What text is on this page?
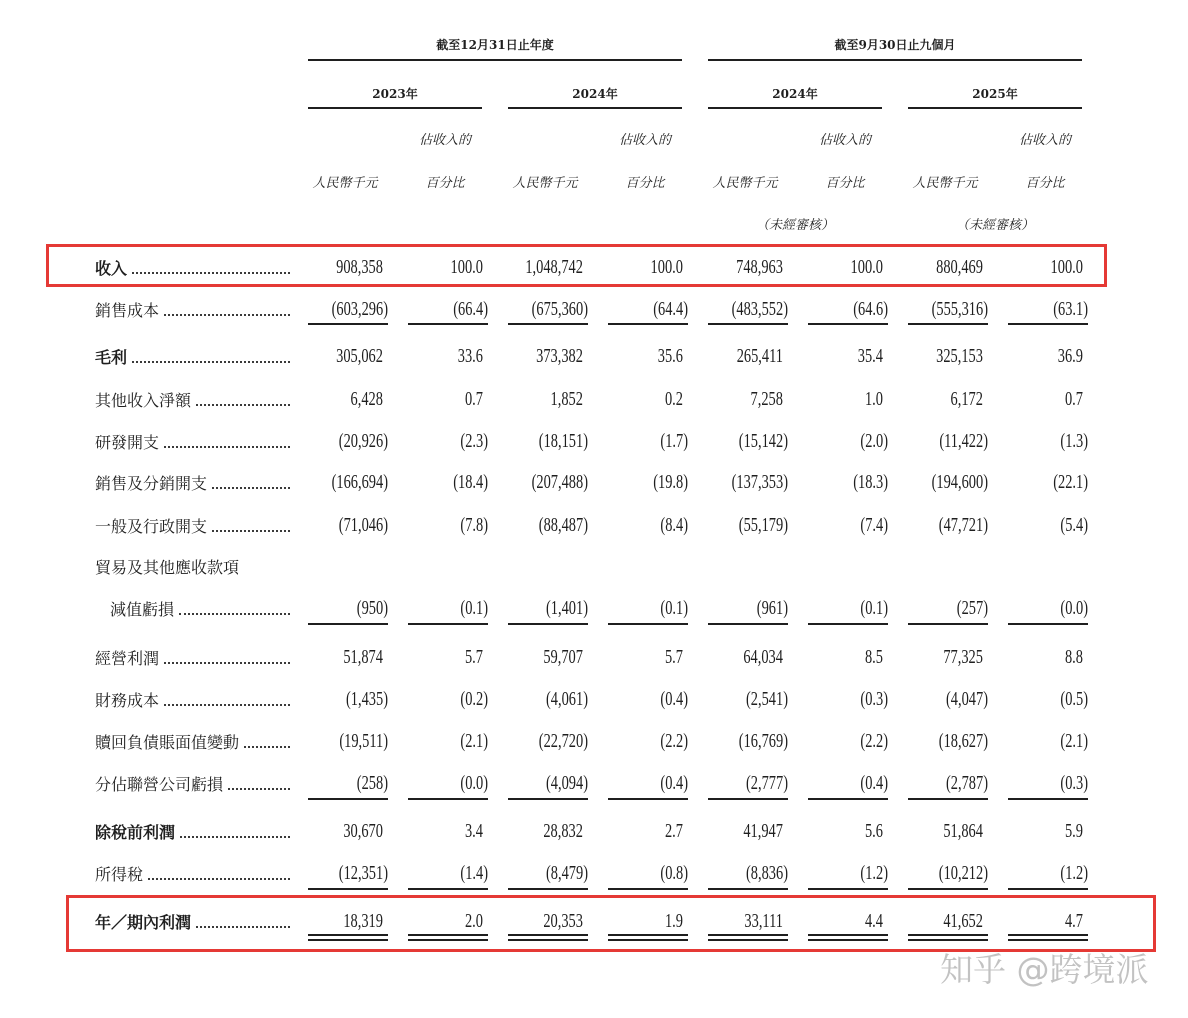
截至12月31日止年度	截至9月30日止九個月
2023年	2024年	2024年	2025年
佔收入的	佔收入的	佔收入的	佔收入的
人民幣千元	百分比	人民幣千元	百分比	人民幣千元	百分比	人民幣千元	百分比
（未經審核）	（未經審核）
收入	908,358	100.0	1,048,742	100.0	748,963	100.0	880,469	100.0
銷售成本	(603,296)	(66.4)	(675,360)	(64.4)	(483,552)	(64.6)	(555,316)	(63.1)
毛利	305,062	33.6	373,382	35.6	265,411	35.4	325,153	36.9
其他收入淨額	6,428	0.7	1,852	0.2	7,258	1.0	6,172	0.7
研發開支	(20,926)	(2.3)	(18,151)	(1.7)	(15,142)	(2.0)	(11,422)	(1.3)
銷售及分銷開支	(166,694)	(18.4)	(207,488)	(19.8)	(137,353)	(18.3)	(194,600)	(22.1)
一般及行政開支	(71,046)	(7.8)	(88,487)	(8.4)	(55,179)	(7.4)	(47,721)	(5.4)
貿易及其他應收款項
減值虧損	(950)	(0.1)	(1,401)	(0.1)	(961)	(0.1)	(257)	(0.0)
經營利潤	51,874	5.7	59,707	5.7	64,034	8.5	77,325	8.8
財務成本	(1,435)	(0.2)	(4,061)	(0.4)	(2,541)	(0.3)	(4,047)	(0.5)
贖回負債賬面值變動	(19,511)	(2.1)	(22,720)	(2.2)	(16,769)	(2.2)	(18,627)	(2.1)
分佔聯營公司虧損	(258)	(0.0)	(4,094)	(0.4)	(2,777)	(0.4)	(2,787)	(0.3)
除稅前利潤	30,670	3.4	28,832	2.7	41,947	5.6	51,864	5.9
所得稅	(12,351)	(1.4)	(8,479)	(0.8)	(8,836)	(1.2)	(10,212)	(1.2)
年／期內利潤	18,319	2.0	20,353	1.9	33,111	4.4	41,652	4.7
知乎 @跨境派
